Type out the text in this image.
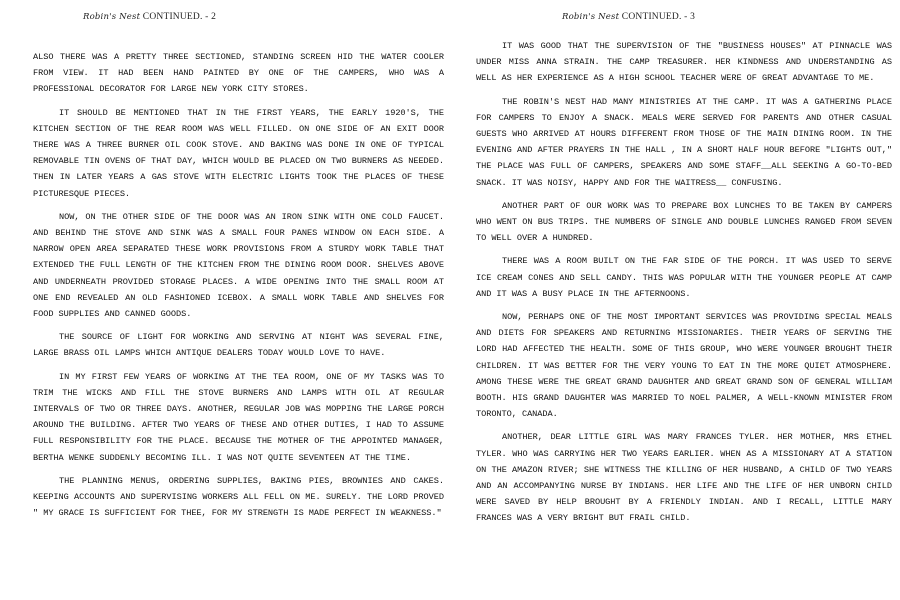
Robin's Nest CONTINUED. - 2

ALSO THERE WAS A PRETTY THREE SECTIONED, STANDING SCREEN HID THE WATER COOLER FROM VIEW. IT HAD BEEN HAND PAINTED BY ONE OF THE CAMPERS, WHO WAS A PROFESSIONAL DECORATOR FOR LARGE NEW YORK CITY STORES.

IT SHOULD BE MENTIONED THAT IN THE FIRST YEARS, THE EARLY 1920'S, THE KITCHEN SECTION OF THE REAR ROOM WAS WELL FILLED. ON ONE SIDE OF AN EXIT DOOR THERE WAS A THREE BURNER OIL COOK STOVE. AND BAKING WAS DONE IN ONE OF TYPICAL REMOVABLE TIN OVENS OF THAT DAY, WHICH WOULD BE PLACED ON TWO BURNERS AS NEEDED. THEN IN LATER YEARS A GAS STOVE WITH ELECTRIC LIGHTS TOOK THE PLACES OF THESE PICTURESQUE PIECES.

NOW, ON THE OTHER SIDE OF THE DOOR WAS AN IRON SINK WITH ONE COLD FAUCET. AND BEHIND THE STOVE AND SINK WAS A SMALL FOUR PANES WINDOW ON EACH SIDE. A NARROW OPEN AREA SEPARATED THESE WORK PROVISIONS FROM A STURDY WORK TABLE THAT EXTENDED THE FULL LENGTH OF THE KITCHEN FROM THE DINING ROOM DOOR. SHELVES ABOVE AND UNDERNEATH PROVIDED STORAGE PLACES. A WIDE OPENING INTO THE SMALL ROOM AT ONE END REVEALED AN OLD FASHIONED ICEBOX. A SMALL WORK TABLE AND SHELVES FOR FOOD SUPPLIES AND CANNED GOODS.

THE SOURCE OF LIGHT FOR WORKING AND SERVING AT NIGHT WAS SEVERAL FINE, LARGE BRASS OIL LAMPS WHICH ANTIQUE DEALERS TODAY WOULD LOVE TO HAVE.

IN MY FIRST FEW YEARS OF WORKING AT THE TEA ROOM, ONE OF MY TASKS WAS TO TRIM THE WICKS AND FILL THE STOVE BURNERS AND LAMPS WITH OIL AT REGULAR INTERVALS OF TWO OR THREE DAYS. ANOTHER, REGULAR JOB WAS MOPPING THE LARGE PORCH AROUND THE BUILDING. AFTER TWO YEARS OF THESE AND OTHER DUTIES, I HAD TO ASSUME FULL RESPONSIBILITY FOR THE PLACE. BECAUSE THE MOTHER OF THE APPOINTED MANAGER, BERTHA WENKE SUDDENLY BECOMING ILL. I WAS NOT QUITE SEVENTEEN AT THE TIME.

THE PLANNING MENUS, ORDERING SUPPLIES, BAKING PIES, BROWNIES AND CAKES. KEEPING ACCOUNTS AND SUPERVISING WORKERS ALL FELL ON ME. SURELY. THE LORD PROVED " MY GRACE IS SUFFICIENT FOR THEE, FOR MY STRENGTH IS MADE PERFECT IN WEAKNESS."

Robin's Nest CONTINUED. - 3

IT WAS GOOD THAT THE SUPERVISION OF THE "BUSINESS HOUSES" AT PINNACLE WAS UNDER MISS ANNA STRAIN. THE CAMP TREASURER. HER KINDNESS AND UNDERSTANDING AS WELL AS HER EXPERIENCE AS A HIGH SCHOOL TEACHER WERE OF GREAT ADVANTAGE TO ME.

THE ROBIN'S NEST HAD MANY MINISTRIES AT THE CAMP. IT WAS A GATHERING PLACE FOR CAMPERS TO ENJOY A SNACK. MEALS WERE SERVED FOR PARENTS AND OTHER CASUAL GUESTS WHO ARRIVED AT HOURS DIFFERENT FROM THOSE OF THE MAIN DINING ROOM. IN THE EVENING AND AFTER PRAYERS IN THE HALL , IN A SHORT HALF HOUR BEFORE "LIGHTS OUT," THE PLACE WAS FULL OF CAMPERS, SPEAKERS AND SOME STAFF__ALL SEEKING A GO-TO-BED SNACK. IT WAS NOISY, HAPPY AND FOR THE WAITRESS__ CONFUSING.

ANOTHER PART OF OUR WORK WAS TO PREPARE BOX LUNCHES TO BE TAKEN BY CAMPERS WHO WENT ON BUS TRIPS. THE NUMBERS OF SINGLE AND DOUBLE LUNCHES RANGED FROM SEVEN TO WELL OVER A HUNDRED.

THERE WAS A ROOM BUILT ON THE FAR SIDE OF THE PORCH. IT WAS USED TO SERVE ICE CREAM CONES AND SELL CANDY. THIS WAS POPULAR WITH THE YOUNGER PEOPLE AT CAMP AND IT WAS A BUSY PLACE IN THE AFTERNOONS.

NOW, PERHAPS ONE OF THE MOST IMPORTANT SERVICES WAS PROVIDING SPECIAL MEALS AND DIETS FOR SPEAKERS AND RETURNING MISSIONARIES. THEIR YEARS OF SERVING THE LORD HAD AFFECTED THE HEALTH. SOME OF THIS GROUP, WHO WERE YOUNGER BROUGHT THEIR CHILDREN. IT WAS BETTER FOR THE VERY YOUNG TO EAT IN THE MORE QUIET ATMOSPHERE. AMONG THESE WERE THE GREAT GRAND DAUGHTER AND GREAT GRAND SON OF GENERAL WILLIAM BOOTH. HIS GRAND DAUGHTER WAS MARRIED TO NOEL PALMER, A WELL-KNOWN MINISTER FROM TORONTO, CANADA.

ANOTHER, DEAR LITTLE GIRL WAS MARY FRANCES TYLER. HER MOTHER, MRS ETHEL TYLER. WHO WAS CARRYING HER TWO YEARS EARLIER. WHEN AS A MISSIONARY AT A STATION ON THE AMAZON RIVER; SHE WITNESS THE KILLING OF HER HUSBAND, A CHILD OF TWO YEARS AND AN ACCOMPANYING NURSE BY INDIANS. HER LIFE AND THE LIFE OF HER UNBORN CHILD WERE SAVED BY HELP BROUGHT BY A FRIENDLY INDIAN. AND I RECALL, LITTLE MARY FRANCES WAS A VERY BRIGHT BUT FRAIL CHILD.
